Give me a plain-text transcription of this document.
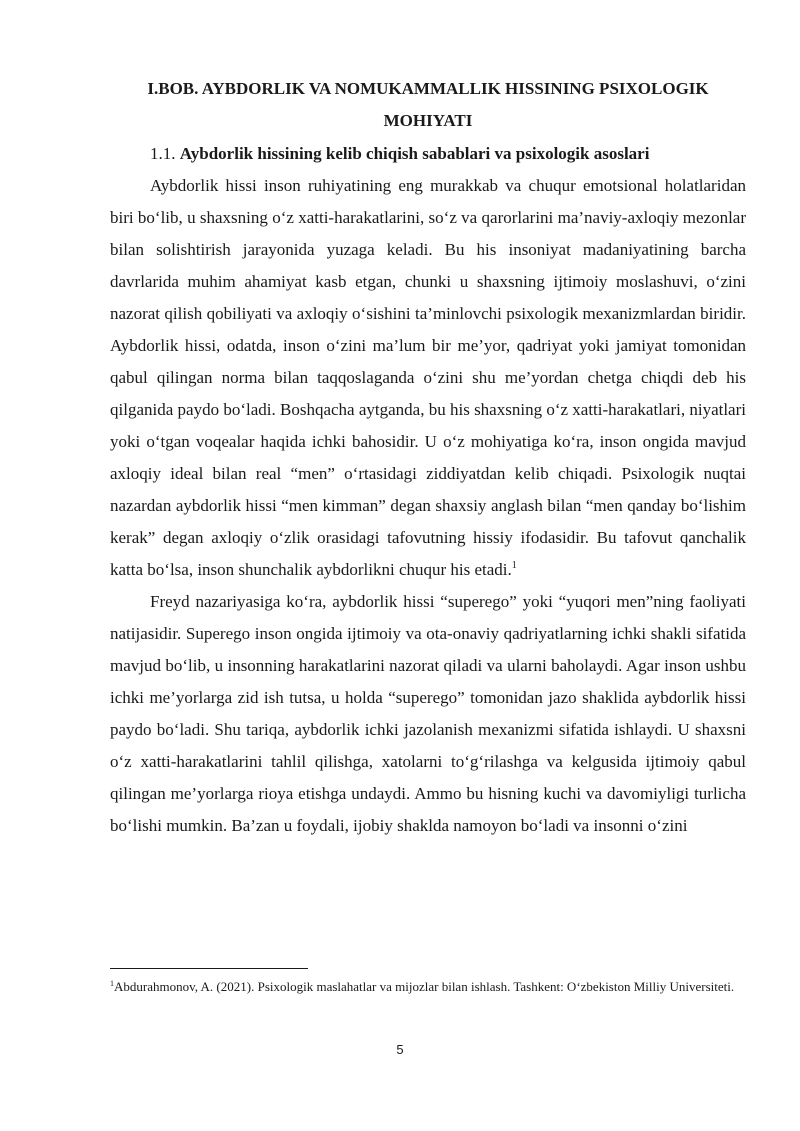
I.BOB. AYBDORLIK VA NOMUKAMMALLIK HISSINING PSIXOLOGIK MOHIYATI

1.1. Aybdorlik hissining kelib chiqish sabablari va psixologik asoslari

Aybdorlik hissi inson ruhiyatining eng murakkab va chuqur emotsional holatlaridan biri bo‘lib, u shaxsning o‘z xatti-harakatlarini, so‘z va qarorlarini ma’naviy-axloqiy mezonlar bilan solishtirish jarayonida yuzaga keladi. Bu his insoniyat madaniyatining barcha davrlarida muhim ahamiyat kasb etgan, chunki u shaxsning ijtimoiy moslashuvi, o‘zini nazorat qilish qobiliyati va axloqiy o‘sishini ta’minlovchi psixologik mexanizmlardan biridir. Aybdorlik hissi, odatda, inson o‘zini ma’lum bir me’yor, qadriyat yoki jamiyat tomonidan qabul qilingan norma bilan taqqoslaganda o‘zini shu me’yordan chetga chiqdi deb his qilganida paydo bo‘ladi. Boshqacha aytganda, bu his shaxsning o‘z xatti-harakatlari, niyatlari yoki o‘tgan voqealar haqida ichki bahosidir. U o‘z mohiyatiga ko‘ra, inson ongida mavjud axloqiy ideal bilan real “men” o‘rtasidagi ziddiyatdan kelib chiqadi. Psixologik nuqtai nazardan aybdorlik hissi “men kimman” degan shaxsiy anglash bilan “men qanday bo‘lishim kerak” degan axloqiy o‘zlik orasidagi tafovutning hissiy ifodasidir. Bu tafovut qanchalik katta bo‘lsa, inson shunchalik aybdorlikni chuqur his etadi.$^1$

Freyd nazariyasiga ko‘ra, aybdorlik hissi “superego” yoki “yuqori men”ning faoliyati natijasidir. Superego inson ongida ijtimoiy va ota-onaviy qadriyatlarning ichki shakli sifatida mavjud bo‘lib, u insonning harakatlarini nazorat qiladi va ularni baholaydi. Agar inson ushbu ichki me’yorlarga zid ish tutsa, u holda “superego” tomonidan jazo shaklida aybdorlik hissi paydo bo‘ladi. Shu tariqa, aybdorlik ichki jazolanish mexanizmi sifatida ishlaydi. U shaxsni o‘z xatti-harakatlarini tahlil qilishga, xatolarni to‘g‘rilashga va kelgusida ijtimoiy qabul qilingan me’yorlarga rioya etishga undaydi. Ammo bu hisning kuchi va davomiyligi turlicha bo‘lishi mumkin. Ba’zan u foydali, ijobiy shaklda namoyon bo‘ladi va insonni o‘zini

$^1$Abdurahmonov, A. (2021). Psixologik maslahatlar va mijozlar bilan ishlash. Tashkent: O‘zbekiston Milliy Universiteti.

5
